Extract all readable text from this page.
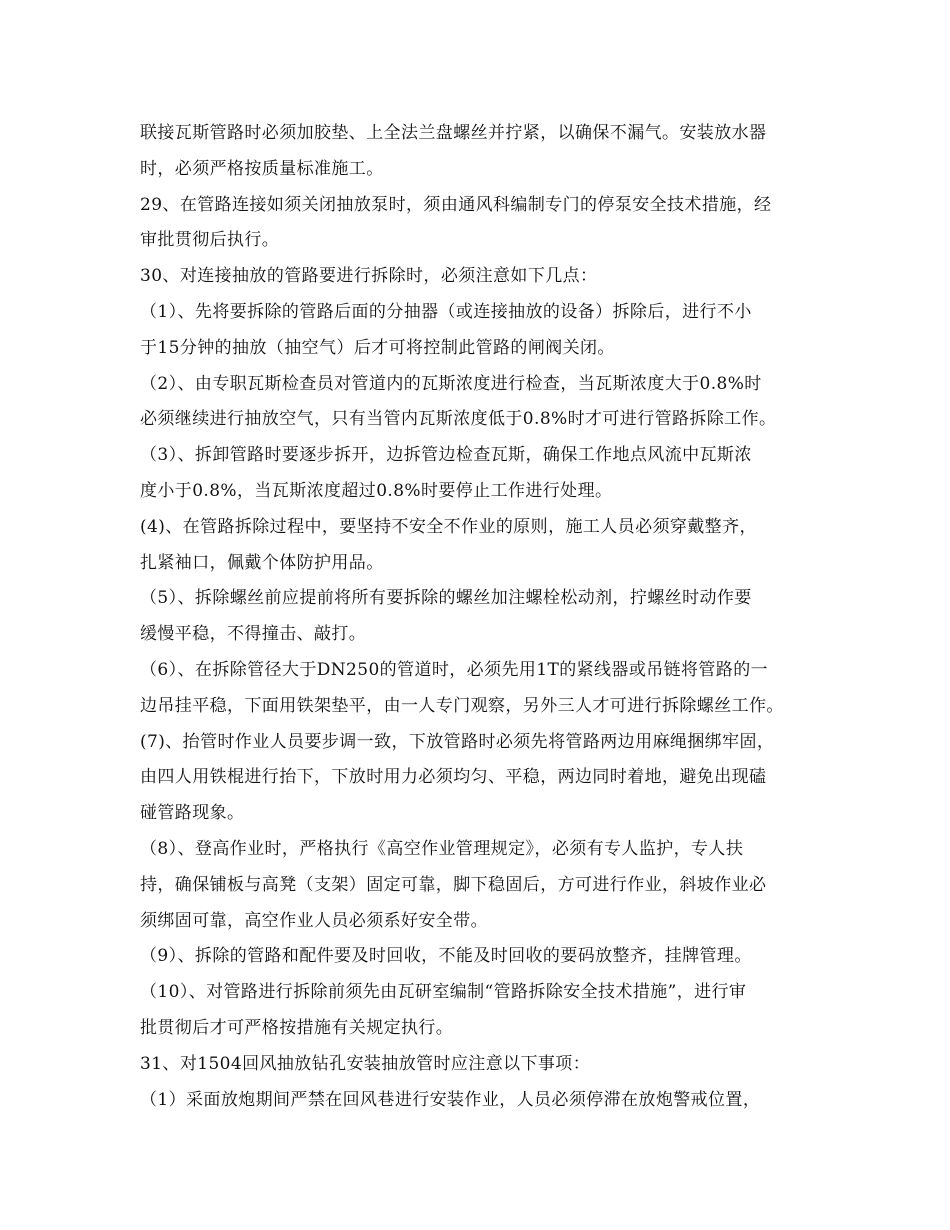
联接瓦斯管路时必须加胶垫、上全法兰盘螺丝并拧紧，以确保不漏气。安装放水器
时，必须严格按质量标准施工。
29、在管路连接如须关闭抽放泵时，须由通风科编制专门的停泵安全技术措施，经
审批贯彻后执行。
30、对连接抽放的管路要进行拆除时，必须注意如下几点：
（1）、先将要拆除的管路后面的分抽器（或连接抽放的设备）拆除后，进行不小
于15分钟的抽放（抽空气）后才可将控制此管路的闸阀关闭。
（2）、由专职瓦斯检查员对管道内的瓦斯浓度进行检查，当瓦斯浓度大于0.8%时
必须继续进行抽放空气，只有当管内瓦斯浓度低于0.8%时才可进行管路拆除工作。
（3）、拆卸管路时要逐步拆开，边拆管边检查瓦斯，确保工作地点风流中瓦斯浓
度小于0.8%，当瓦斯浓度超过0.8%时要停止工作进行处理。
(4)、在管路拆除过程中，要坚持不安全不作业的原则，施工人员必须穿戴整齐，
扎紧袖口，佩戴个体防护用品。
（5）、拆除螺丝前应提前将所有要拆除的螺丝加注螺栓松动剂，拧螺丝时动作要
缓慢平稳，不得撞击、敲打。
（6）、在拆除管径大于DN250的管道时，必须先用1T的紧线器或吊链将管路的一
边吊挂平稳，下面用铁架垫平，由一人专门观察，另外三人才可进行拆除螺丝工作。
(7)、抬管时作业人员要步调一致，下放管路时必须先将管路两边用麻绳捆绑牢固，
由四人用铁棍进行抬下，下放时用力必须均匀、平稳，两边同时着地，避免出现磕
碰管路现象。
（8）、登高作业时，严格执行《高空作业管理规定》，必须有专人监护，专人扶
持，确保铺板与高凳（支架）固定可靠，脚下稳固后，方可进行作业，斜坡作业必
须绑固可靠，高空作业人员必须系好安全带。
（9）、拆除的管路和配件要及时回收，不能及时回收的要码放整齐，挂牌管理。
（10）、对管路进行拆除前须先由瓦研室编制“管路拆除安全技术措施”，进行审
批贯彻后才可严格按措施有关规定执行。
31、对1504回风抽放钻孔安装抽放管时应注意以下事项：
（1）采面放炮期间严禁在回风巷进行安装作业，人员必须停滞在放炮警戒位置，
